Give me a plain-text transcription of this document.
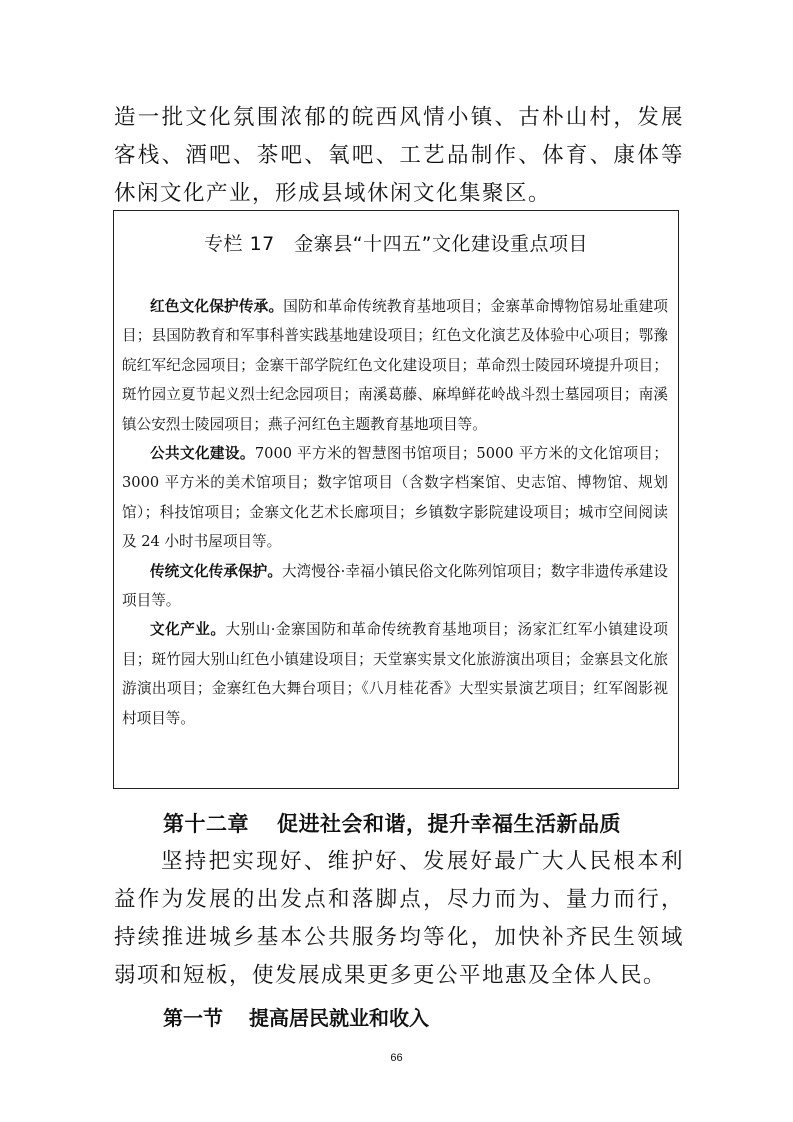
造一批文化氛围浓郁的皖西风情小镇、古朴山村，发展客栈、酒吧、茶吧、氧吧、工艺品制作、体育、康体等休闲文化产业，形成县域休闲文化集聚区。
专栏 17　金寨县“十四五”文化建设重点项目

红色文化保护传承。国防和革命传统教育基地项目；金寨革命博物馆易址重建项目；县国防教育和军事科普实践基地建设项目；红色文化演艺及体验中心项目；鄂豫皖红军纪念园项目；金寨干部学院红色文化建设项目；革命烈士陵园环境提升项目；斑竹园立夏节起义烈士纪念园项目；南溪葛藤、麻埠鲜花岭战斗烈士墓园项目；南溪镇公安烈士陵园项目；燕子河红色主题教育基地项目等。

公共文化建设。7000 平方米的智慧图书馆项目；5000 平方米的文化馆项目；3000 平方米的美术馆项目；数字馆项目（含数字档案馆、史志馆、博物馆、规划馆）；科技馆项目；金寨文化艺术长廊项目；乡镇数字影院建设项目；城市空间阅读及 24 小时书屋项目等。

传统文化传承保护。大湾慢谷·幸福小镇民俗文化陈列馆项目；数字非遗传承建设项目等。

文化产业。大别山·金寨国防和革命传统教育基地项目；汤家汇红军小镇建设项目；斑竹园大别山红色小镇建设项目；天堂寨实景文化旅游演出项目；金寨县文化旅游演出项目；金寨红色大舞台项目；《八月桂花香》大型实景演艺项目；红军阁影视村项目等。

第十二章 促进社会和谐，提升幸福生活新品质
坚持把实现好、维护好、发展好最广大人民根本利益作为发展的出发点和落脚点，尽力而为、量力而行，持续推进城乡基本公共服务均等化，加快补齐民生领域弱项和短板，使发展成果更多更公平地惠及全体人民。
第一节 提高居民就业和收入
66
